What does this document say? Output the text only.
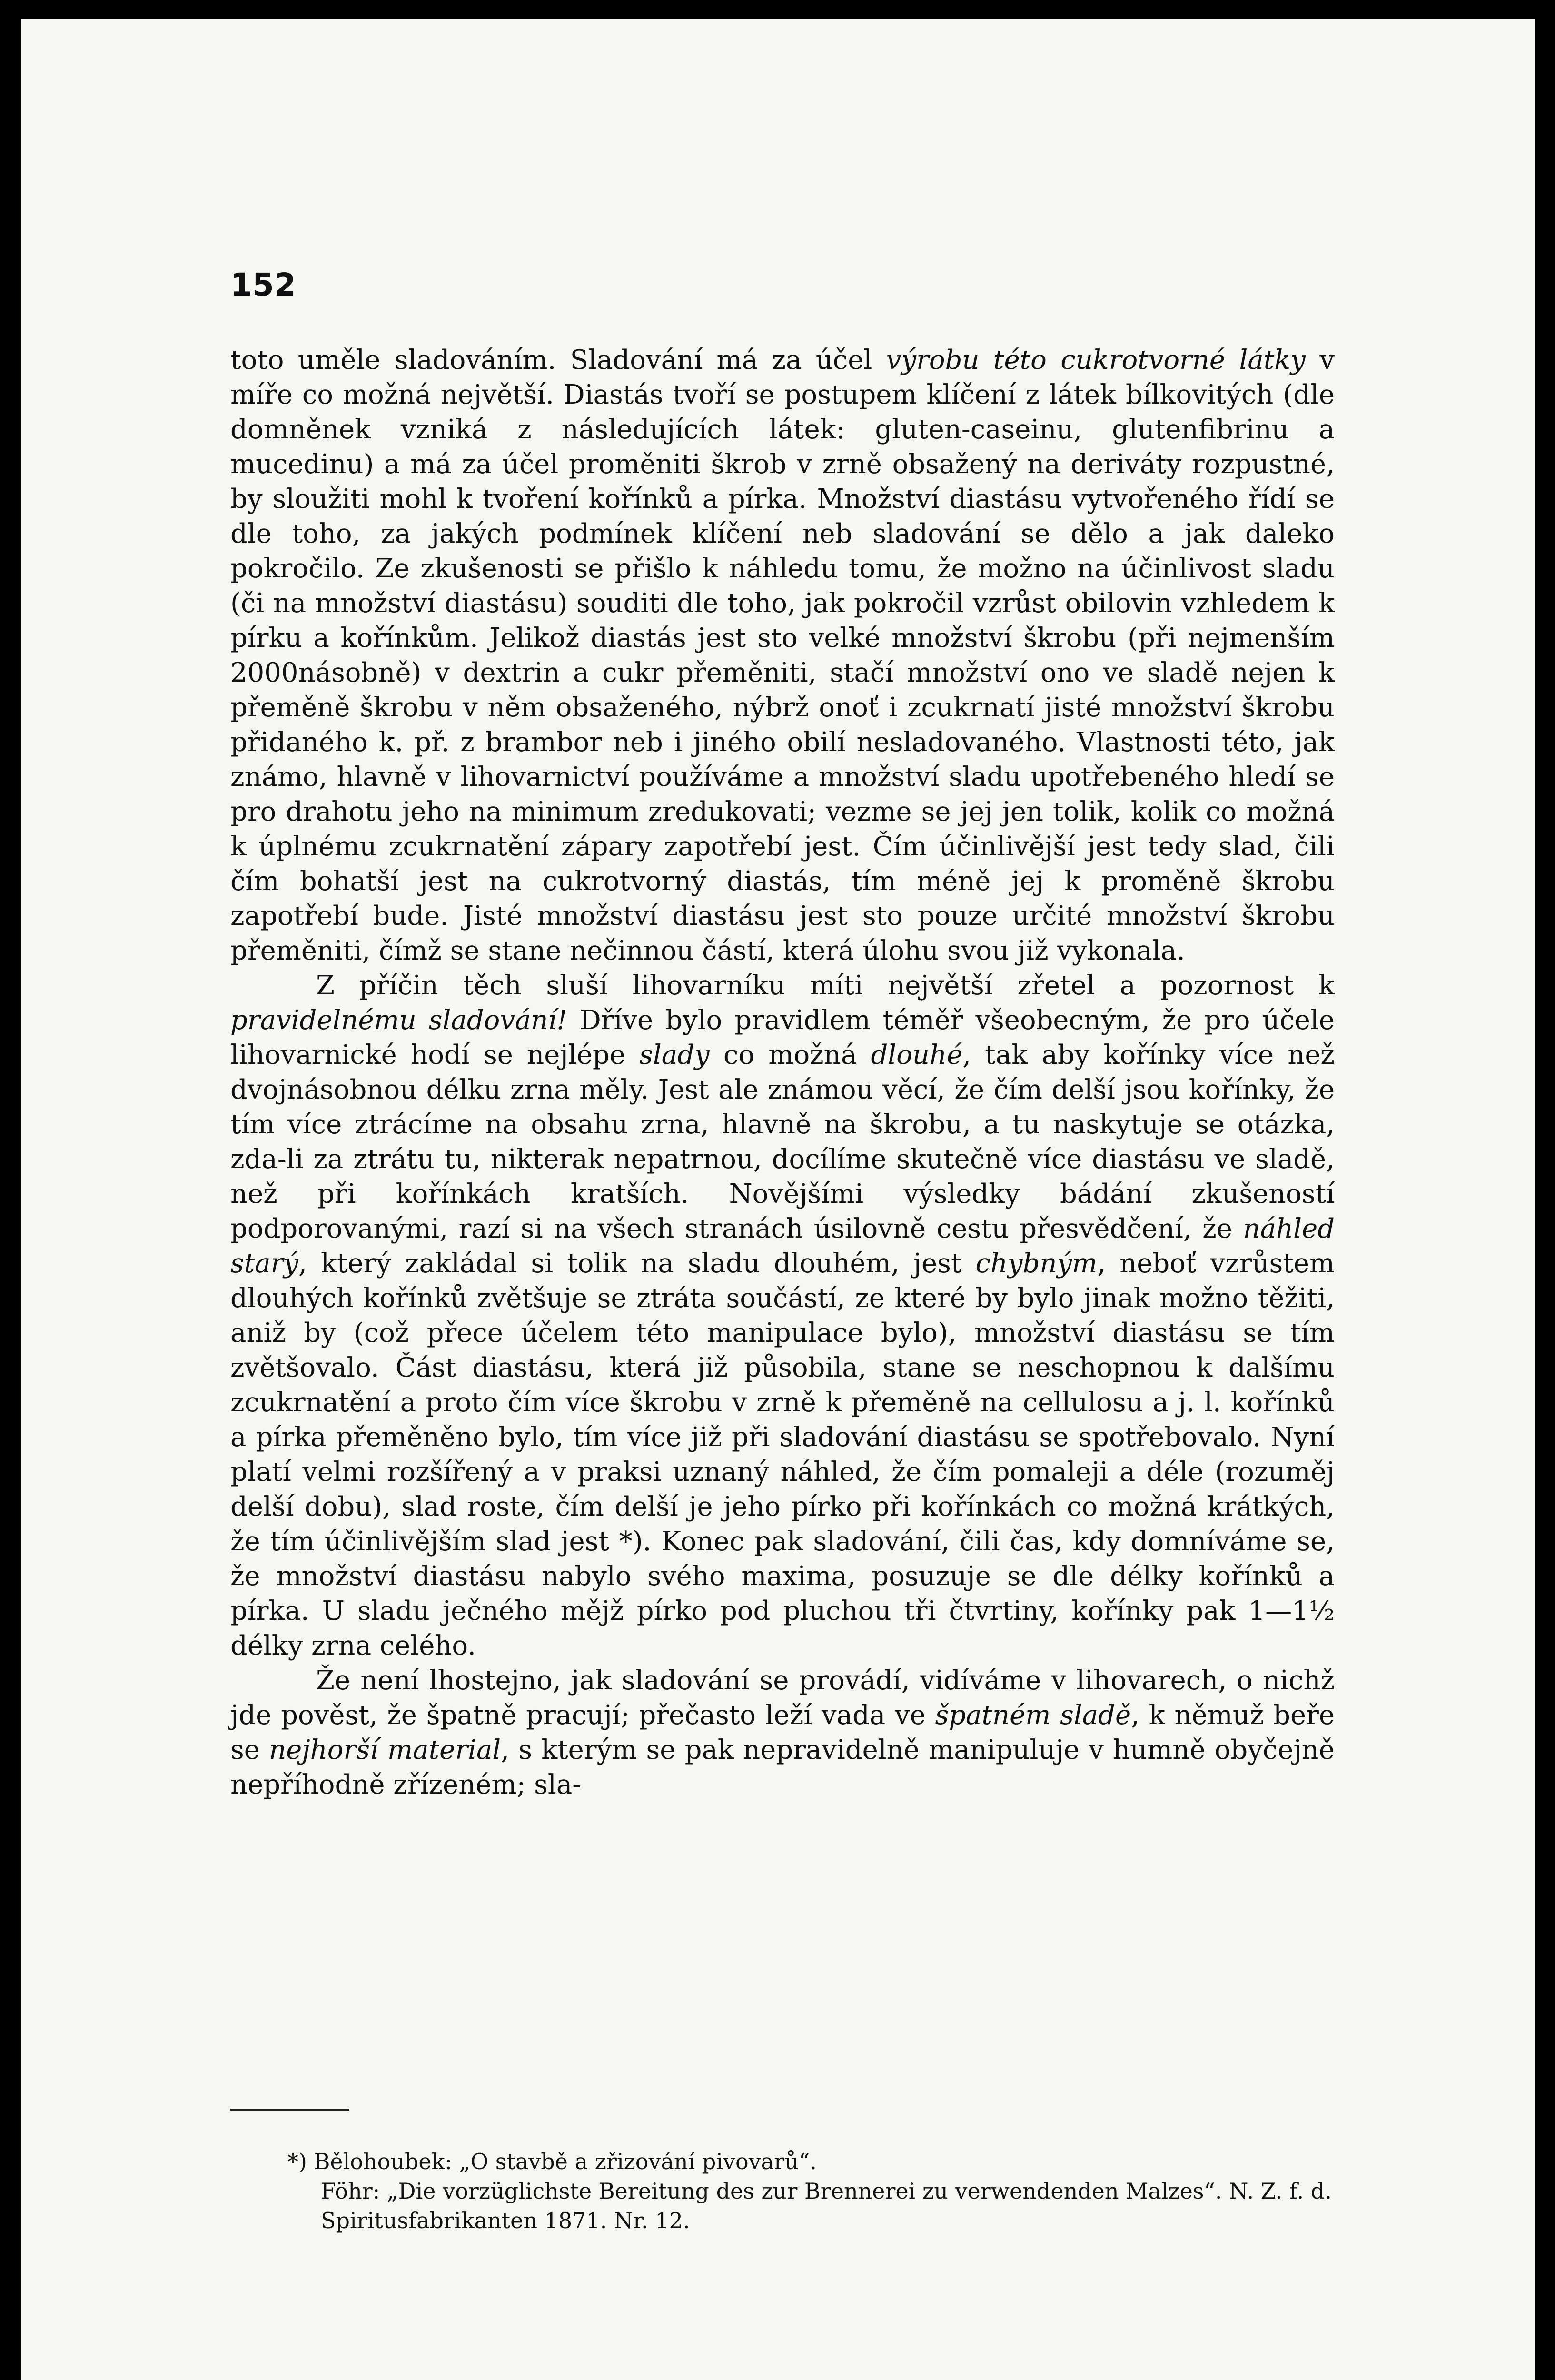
152

toto uměle sladováním. Sladování má za účel výrobu této cukrotvorné látky v míře co možná největší. Diastás tvoří se postupem klíčení z látek bílkovitých (dle domněnek vzniká z následujících látek: gluten-caseinu, glutenfibrinu a mucedinu) a má za účel proměniti škrob v zrně obsažený na deriváty rozpustné, by sloužiti mohl k tvoření kořínků a pírka. Množství diastásu vytvořeného řídí se dle toho, za jakých podmínek klíčení neb sladování se dělo a jak daleko pokročilo. Ze zkušenosti se přišlo k náhledu tomu, že možno na účinlivost sladu (či na množství diastásu) souditi dle toho, jak pokročil vzrůst obilovin vzhledem k pírku a kořínkům. Jelikož diastás jest sto velké množství škrobu (při nejmenším 2000násobně) v dextrin a cukr přeměniti, stačí množství ono ve sladě nejen k přeměně škrobu v něm obsaženého, nýbrž onoť i zcukrnatí jisté množství škrobu přidaného k. př. z brambor neb i jiného obilí nesladovaného. Vlastnosti této, jak známo, hlavně v lihovarnictví používáme a množství sladu upotřebeného hledí se pro drahotu jeho na minimum zredukovati; vezme se jej jen tolik, kolik co možná k úplnému zcukrnatění zápary zapotřebí jest. Čím účinlivější jest tedy slad, čili čím bohatší jest na cukrotvorný diastás, tím méně jej k proměně škrobu zapotřebí bude. Jisté množství diastásu jest sto pouze určité množství škrobu přeměniti, čímž se stane nečinnou částí, která úlohu svou již vykonala.

Z příčin těch sluší lihovarníku míti největší zřetel a pozornost k pravidelnému sladování! Dříve bylo pravidlem téměř všeobecným, že pro účele lihovarnické hodí se nejlépe slady co možná dlouhé, tak aby kořínky více než dvojnásobnou délku zrna měly. Jest ale známou věcí, že čím delší jsou kořínky, že tím více ztrácíme na obsahu zrna, hlavně na škrobu, a tu naskytuje se otázka, zda-li za ztrátu tu, nikterak nepatrnou, docílíme skutečně více diastásu ve sladě, než při kořínkách kratších. Novějšími výsledky bádání zkušeností podporovanými, razí si na všech stranách úsilovně cestu přesvědčení, že náhled starý, který zakládal si tolik na sladu dlouhém, jest chybným, neboť vzrůstem dlouhých kořínků zvětšuje se ztráta součástí, ze které by bylo jinak možno těžiti, aniž by (což přece účelem této manipulace bylo), množství diastásu se tím zvětšovalo. Část diastásu, která již působila, stane se neschopnou k dalšímu zcukrnatění a proto čím více škrobu v zrně k přeměně na cellulosu a j. l. kořínků a pírka přeměněno bylo, tím více již při sladování diastásu se spotřebovalo. Nyní platí velmi rozšířený a v praksi uznaný náhled, že čím pomaleji a déle (rozuměj delší dobu), slad roste, čím delší je jeho pírko při kořínkách co možná krátkých, že tím účinlivějším slad jest *). Konec pak sladování, čili čas, kdy domníváme se, že množství diastásu nabylo svého maxima, posuzuje se dle délky kořínků a pírka. U sladu ječného mějž pírko pod pluchou tři čtvrtiny, kořínky pak 1—1½ délky zrna celého.

Že není lhostejno, jak sladování se provádí, vidíváme v lihovarech, o nichž jde pověst, že špatně pracují; přečasto leží vada ve špatném sladě, k němuž beře se nejhorší material, s kterým se pak nepravidelně manipuluje v humně obyčejně nepříhodně zřízeném; sla-

*) Bělohoubek: „O stavbě a zřizování pivovarů“.

Föhr: „Die vorzüglichste Bereitung des zur Brennerei zu verwendenden Malzes“. N. Z. f. d. Spiritusfabrikanten 1871. Nr. 12.
